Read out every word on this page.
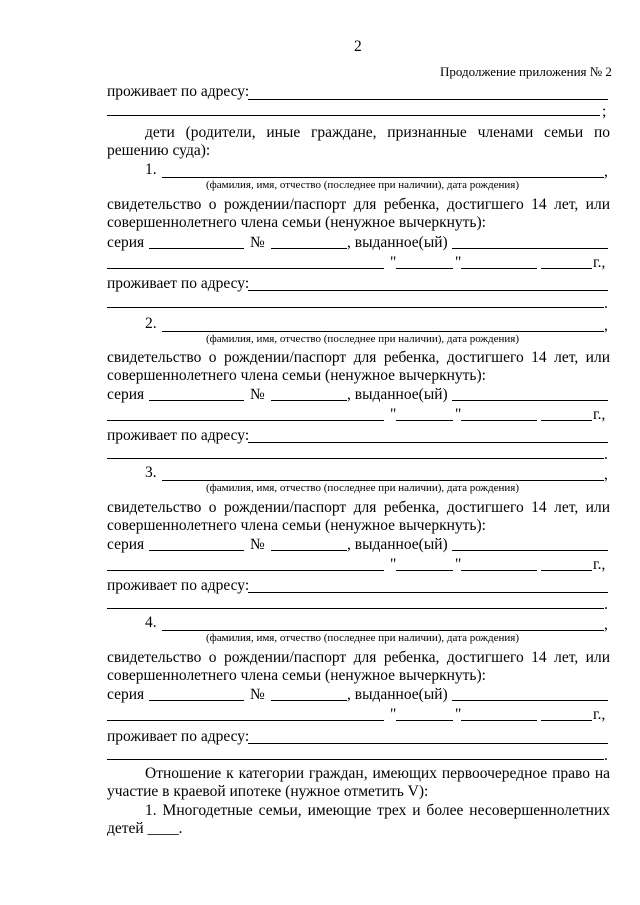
2
Продолжение приложения № 2
проживает по адресу:
;
дети (родители, иные граждане, признанные членами семьи по
решению суда):
1.	,
(фамилия, имя, отчество (последнее при наличии), дата рождения)
свидетельство о рождении/паспорт для ребенка, достигшего 14 лет, или
совершеннолетнего члена семьи (ненужное вычеркнуть):
серия	№	, выданное(ый)
"	"	г.,
проживает по адресу:
.
2.	,
(фамилия, имя, отчество (последнее при наличии), дата рождения)
свидетельство о рождении/паспорт для ребенка, достигшего 14 лет, или
совершеннолетнего члена семьи (ненужное вычеркнуть):
серия	№	, выданное(ый)
"	"	г.,
проживает по адресу:
.
3.	,
(фамилия, имя, отчество (последнее при наличии), дата рождения)
свидетельство о рождении/паспорт для ребенка, достигшего 14 лет, или
совершеннолетнего члена семьи (ненужное вычеркнуть):
серия	№	, выданное(ый)
"	"	г.,
проживает по адресу:
.
4.	,
(фамилия, имя, отчество (последнее при наличии), дата рождения)
свидетельство о рождении/паспорт для ребенка, достигшего 14 лет, или
совершеннолетнего члена семьи (ненужное вычеркнуть):
серия	№	, выданное(ый)
"	"	г.,
проживает по адресу:
.
Отношение к категории граждан, имеющих первоочередное право на
участие в краевой ипотеке (нужное отметить V):
1. Многодетные семьи, имеющие трех и более несовершеннолетних
детей ____.
